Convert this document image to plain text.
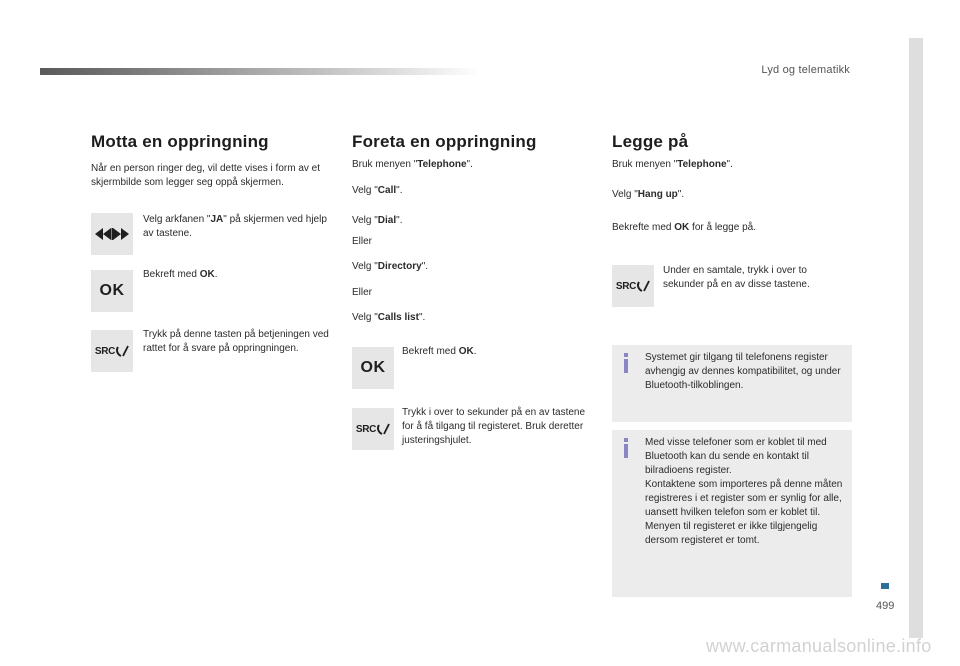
Lyd og telematikk
499
www.carmanualsonline.info
Motta en oppringning

Når en person ringer deg, vil dette vises i form av et skjermbilde som legger seg oppå skjermen.

Velg arkfanen "JA" på skjermen ved hjelp av tastene.

OK

Bekreft med OK.

SRC

Trykk på denne tasten på betjeningen ved rattet for å svare på oppringningen.

Foreta en oppringning

Bruk menyen "Telephone".

Velg "Call".

Velg "Dial".

Eller

Velg "Directory".

Eller

Velg "Calls list".

OK

Bekreft med OK.

SRC

Trykk i over to sekunder på en av tastene for å få tilgang til registeret. Bruk deretter justeringshjulet.

Legge på

Bruk menyen "Telephone".

Velg "Hang up".

Bekrefte med OK for å legge på.

SRC

Under en samtale, trykk i over to sekunder på en av disse tastene.

Systemet gir tilgang til telefonens register avhengig av dennes kompatibilitet, og under Bluetooth-tilkoblingen.

Med visse telefoner som er koblet til med Bluetooth kan du sende en kontakt til bilradioens register.
Kontaktene som importeres på denne måten registreres i et register som er synlig for alle, uansett hvilken telefon som er koblet til.
Menyen til registeret er ikke tilgjengelig dersom registeret er tomt.
